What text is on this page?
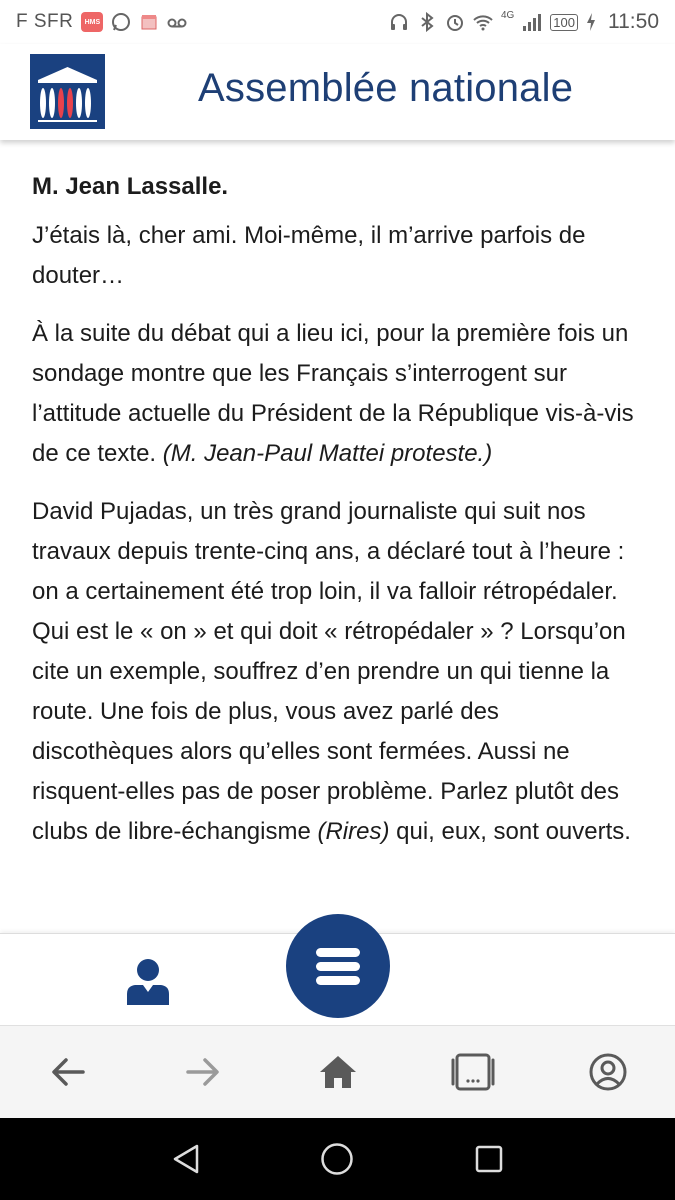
F SFR	HMS
4G	100 11:50
Assemblée nationale
M. Jean Lassalle.

J’étais là, cher ami. Moi-même, il m’arrive parfois de douter…

À la suite du débat qui a lieu ici, pour la première fois un sondage montre que les Français s’interrogent sur l’attitude actuelle du Président de la République vis-à-vis de ce texte. (M. Jean-Paul Mattei proteste.)

David Pujadas, un très grand journaliste qui suit nos travaux depuis trente-cinq ans, a déclaré tout à l’heure : on a certainement été trop loin, il va falloir rétropédaler. Qui est le « on » et qui doit « rétropédaler » ? Lorsqu’on cite un exemple, souffrez d’en prendre un qui tienne la route. Une fois de plus, vous avez parlé des discothèques alors qu’elles sont fermées. Aussi ne risquent-elles pas de poser problème. Parlez plutôt des clubs de libre-échangisme (Rires) qui, eux, sont ouverts.
